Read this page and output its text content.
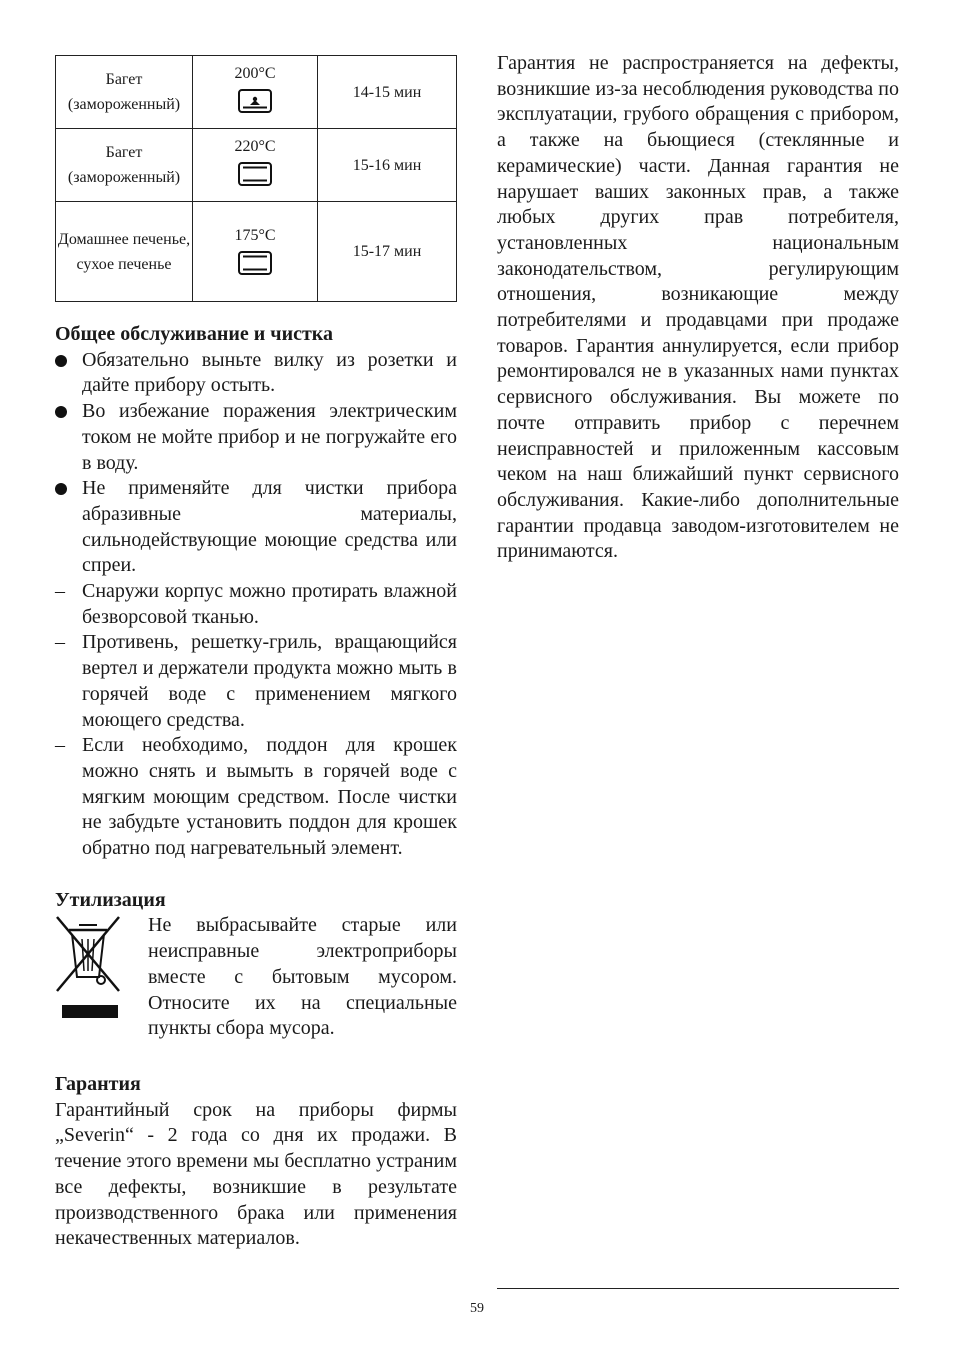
Багет (замороженный)	200°C	14-15 мин
Багет (замороженный)	220°C	15-16 мин
Домашнее печенье, сухое печенье	175°C	15-17 мин

Общее обслуживание и чистка

Обязательно выньте вилку из розетки и дайте прибору остыть.
Во избежание поражения электрическим током не мойте прибор и не погружайте его в воду.
Не применяйте для чистки прибора абразивные материалы, сильнодействующие моющие средства или спреи.
– Снаружи корпус можно протирать влажной безворсовой тканью.
– Противень, решетку-гриль, вращающийся вертел и держатели продукта можно мыть в горячей воде с применением мягкого моющего средства.
– Если необходимо, поддон для крошек можно снять и вымыть в горячей воде с мягким моющим средством. После чистки не забудьте установить поддон для крошек обратно под нагревательный элемент.

Утилизация

Не выбрасывайте старые или неисправные электроприборы вместе с бытовым мусором. Относите их на специальные пункты сбора мусора.

Гарантия

Гарантийный срок на приборы фирмы „Severin“ - 2 года со дня их продажи. В течение этого времени мы бесплатно устраним все дефекты, возникшие в результате производственного брака или применения некачественных материалов.

Гарантия не распространяется на дефекты, возникшие из-за несоблюдения руководства по эксплуатации, грубого обращения с прибором, а также на бьющиеся (стеклянные и керамические) части. Данная гарантия не нарушает ваших законных прав, а также любых других прав потребителя, установленных национальным законодательством, регулирующим отношения, возникающие между потребителями и продавцами при продаже товаров. Гарантия аннулируется, если прибор ремонтировался не в указанных нами пунктах сервисного обслуживания. Вы можете по почте отправить прибор с перечнем неисправностей и приложенным кассовым чеком на наш ближайший пункт сервисного обслуживания. Какие-либо дополнительные гарантии продавца заводом-изготовителем не принимаются.

59
